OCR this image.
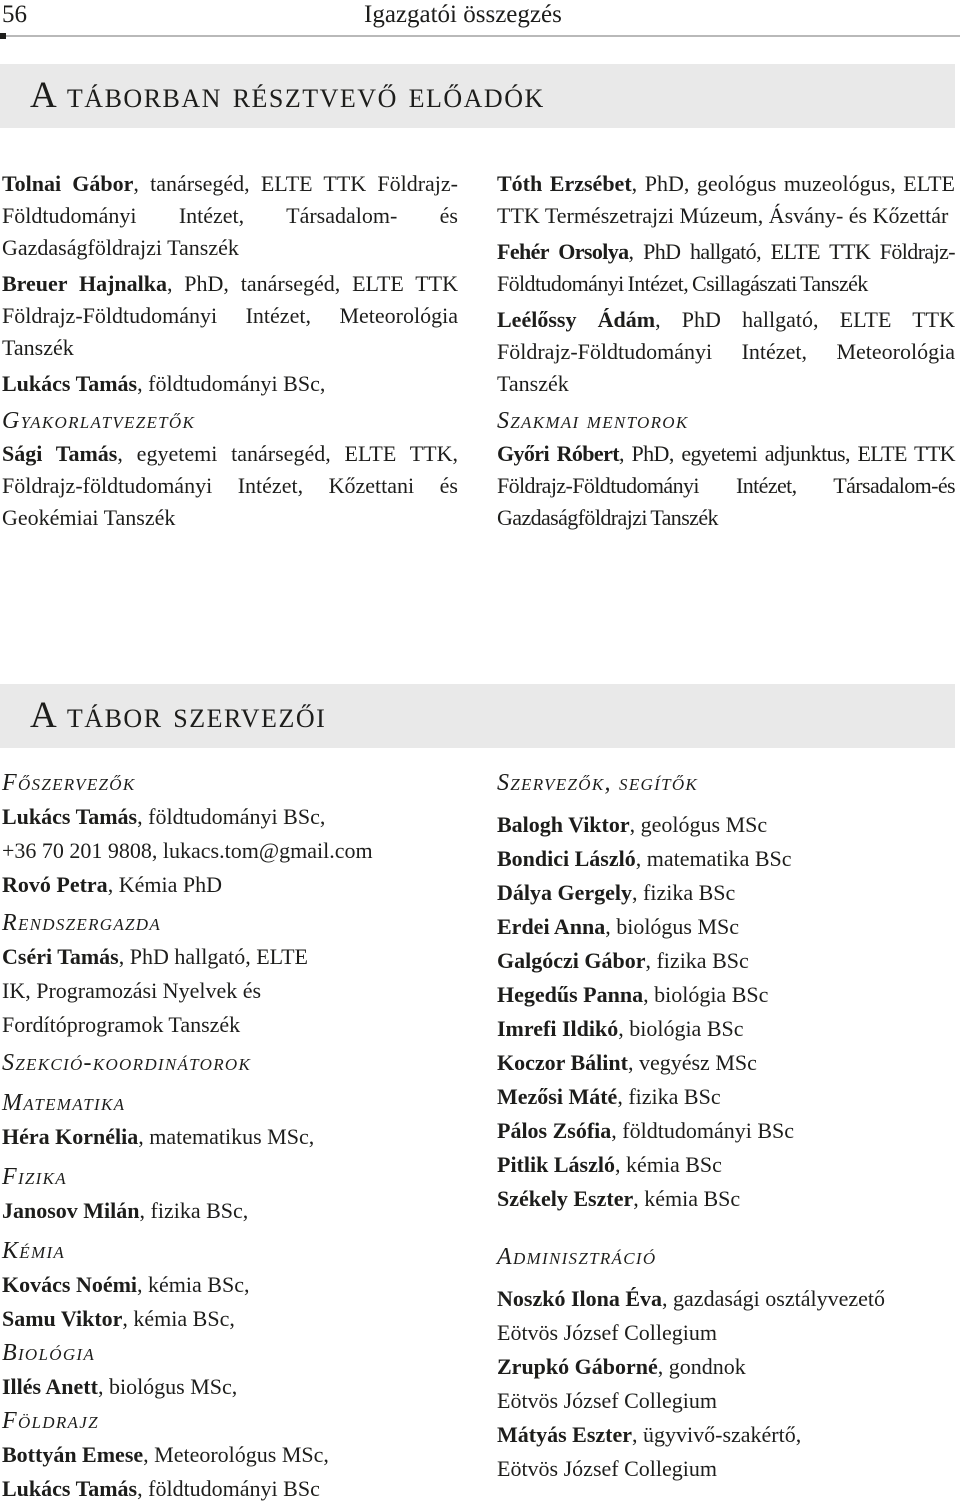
56	Igazgatói összegzés
A táborban résztvevő előadók

Tolnai Gábor, tanársegéd, ELTE TTK Földrajz-Földtudományi Intézet, Társadalom- és Gazdaságföldrajzi Tanszék

Breuer Hajnalka, PhD, tanársegéd, ELTE TTK Földrajz-Földtudományi Intézet, Meteorológia Tanszék

Lukács Tamás, földtudományi BSc,

Gyakorlatvezetők

Sági Tamás, egyetemi tanársegéd, ELTE TTK, Földrajz-földtudományi Intézet, Kőzettani és Geokémiai Tanszék

Tóth Erzsébet, PhD, geológus muzeológus, ELTE TTK Természetrajzi Múzeum, Ásvány- és Kőzettár

Fehér Orsolya, PhD hallgató, ELTE TTK Földrajz-Földtudományi Intézet, Csillagászati Tanszék

Leélőssy Ádám, PhD hallgató, ELTE TTK Földrajz-Földtudományi Intézet, Meteorológia Tanszék

Szakmai mentorok

Győri Róbert, PhD, egyetemi adjunktus, ELTE TTK Földrajz-Földtudományi Intézet, Társadalom-és Gazdaságföldrajzi Tanszék

A tábor szervezői

Főszervezők

Lukács Tamás, földtudományi BSc,

+36 70 201 9808, lukacs.tom@gmail.com

Rovó Petra, Kémia PhD

Rendszergazda

Cséri Tamás, PhD hallgató, ELTE

IK, Programozási Nyelvek és

Fordítóprogramok Tanszék

Szekció-koordinátorok

Matematika

Héra Kornélia, matematikus MSc,

Fizika

Janosov Milán, fizika BSc,

Kémia

Kovács Noémi, kémia BSc,

Samu Viktor, kémia BSc,

Biológia

Illés Anett, biológus MSc,

Földrajz

Bottyán Emese, Meteorológus MSc,

Lukács Tamás, földtudományi BSc

Szervezők, segítők

Balogh Viktor, geológus MSc

Bondici László, matematika BSc

Dálya Gergely, fizika BSc

Erdei Anna, biológus MSc

Galgóczi Gábor, fizika BSc

Hegedűs Panna, biológia BSc

Imrefi Ildikó, biológia BSc

Koczor Bálint, vegyész MSc

Mezősi Máté, fizika BSc

Pálos Zsófia, földtudományi BSc

Pitlik László, kémia BSc

Székely Eszter, kémia BSc

Adminisztráció

Noszkó Ilona Éva, gazdasági osztályvezető

Eötvös József Collegium

Zrupkó Gáborné, gondnok

Eötvös József Collegium

Mátyás Eszter, ügyvivő-szakértő,

Eötvös József Collegium
